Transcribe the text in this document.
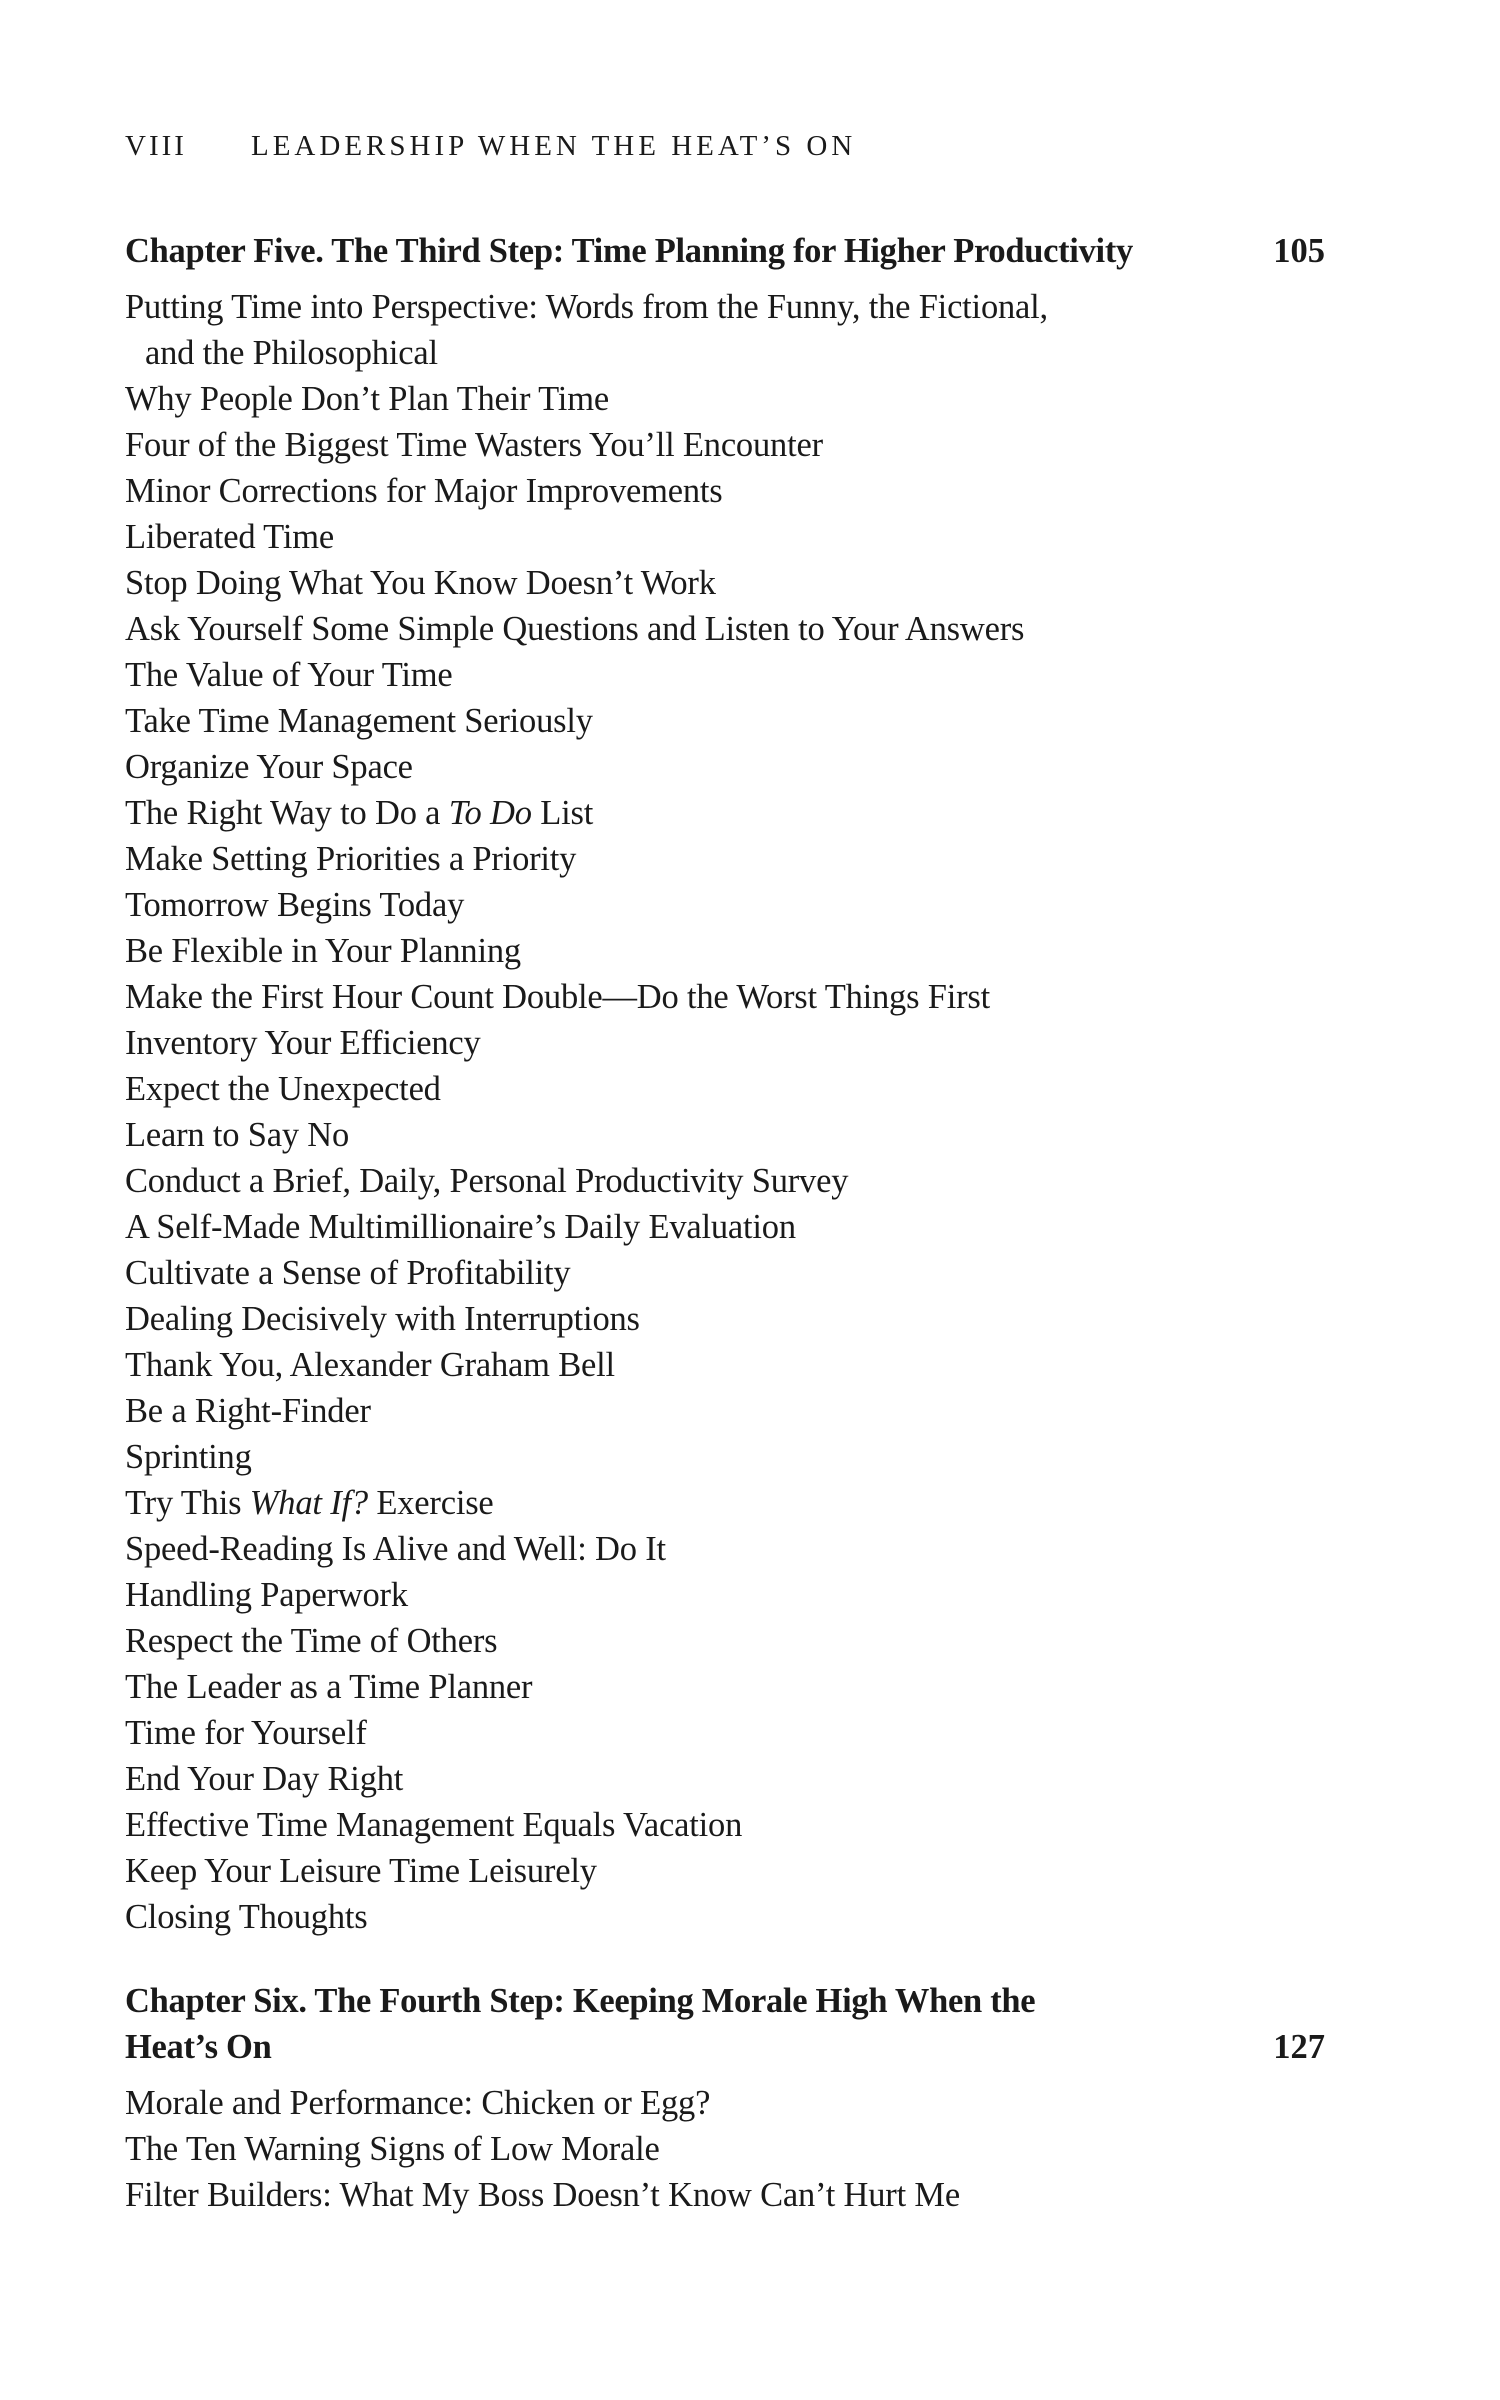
VIII LEADERSHIP WHEN THE HEAT’S ON
Chapter Five. The Third Step: Time Planning for Higher Productivity	105
Putting Time into Perspective: Words from the Funny, the Fictional,
and the Philosophical
Why People Don’t Plan Their Time
Four of the Biggest Time Wasters You’ll Encounter
Minor Corrections for Major Improvements
Liberated Time
Stop Doing What You Know Doesn’t Work
Ask Yourself Some Simple Questions and Listen to Your Answers
The Value of Your Time
Take Time Management Seriously
Organize Your Space
The Right Way to Do a To Do List
Make Setting Priorities a Priority
Tomorrow Begins Today
Be Flexible in Your Planning
Make the First Hour Count Double—Do the Worst Things First
Inventory Your Efficiency
Expect the Unexpected
Learn to Say No
Conduct a Brief, Daily, Personal Productivity Survey
A Self-Made Multimillionaire’s Daily Evaluation
Cultivate a Sense of Profitability
Dealing Decisively with Interruptions
Thank You, Alexander Graham Bell
Be a Right-Finder
Sprinting
Try This What If? Exercise
Speed-Reading Is Alive and Well: Do It
Handling Paperwork
Respect the Time of Others
The Leader as a Time Planner
Time for Yourself
End Your Day Right
Effective Time Management Equals Vacation
Keep Your Leisure Time Leisurely
Closing Thoughts
Chapter Six. The Fourth Step: Keeping Morale High When the Heat’s On	127
Morale and Performance: Chicken or Egg?
The Ten Warning Signs of Low Morale
Filter Builders: What My Boss Doesn’t Know Can’t Hurt Me
